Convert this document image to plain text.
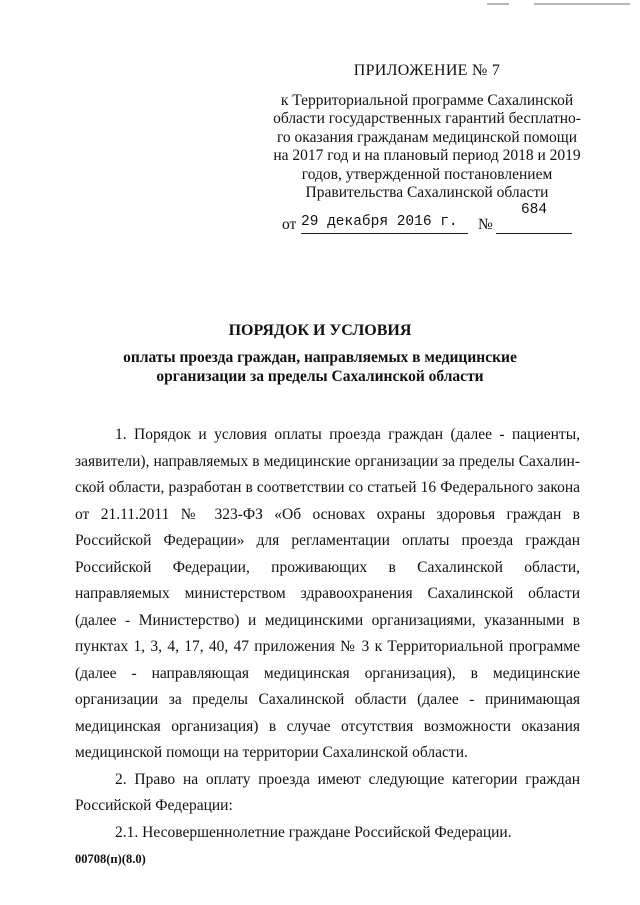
ПРИЛОЖЕНИЕ № 7
к Территориальной программе Сахалинской
области государственных гарантий бесплатно-
го оказания гражданам медицинской помощи
на 2017 год и на плановый период 2018 и 2019
годов, утвержденной постановлением
Правительства Сахалинской области
от 29 декабря 2016 г.	№
684
ПОРЯДОК И УСЛОВИЯ
оплаты проезда граждан, направляемых в медицинские организации за пределы Сахалинской области

1. Порядок и условия оплаты проезда граждан (далее - пациенты, заявители), направляемых в медицинские организации за пределы Сахалинской области, разработан в соответствии со статьей 16 Федерального закона от 21.11.2011 № 323-ФЗ «Об основах охраны здоровья граждан в Российской Федерации» для регламентации оплаты проезда граждан Российской Федерации, проживающих в Сахалинской области, направляемых министерством здравоохранения Сахалинской области (далее - Министерство) и медицинскими организациями, указанными в пунктах 1, 3, 4, 17, 40, 47 приложения № 3 к Территориальной программе (далее - направляющая медицинская организация), в медицинские организации за пределы Сахалинской области (далее - принимающая медицинская организация) в случае отсутствия возможности оказания медицинской помощи на территории Сахалинской области.

2. Право на оплату проезда имеют следующие категории граждан Российской Федерации:

2.1. Несовершеннолетние граждане Российской Федерации.

00708(п)(8.0)
